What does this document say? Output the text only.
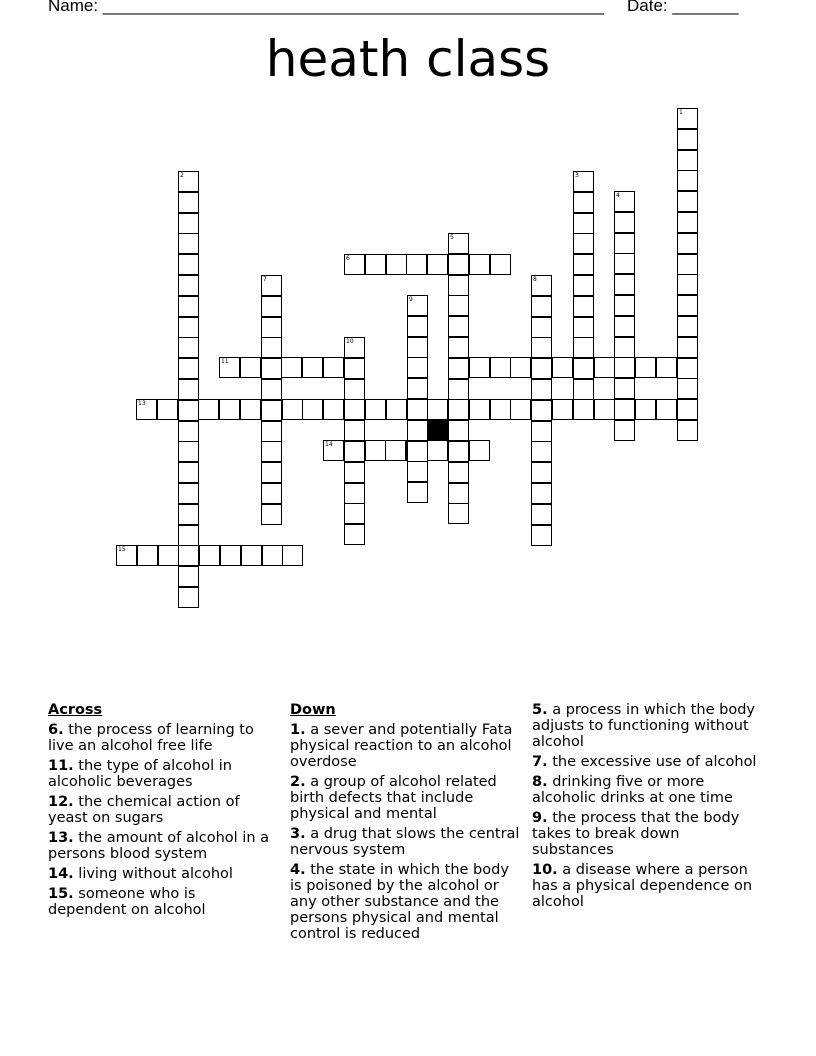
Name: _____________________________________________________ Date: _______
heath class
6
11
13
14
15
1
2	3
4
5
7	8
9
10
Across
6. the process of learning to live an alcohol free life
11. the type of alcohol in alcoholic beverages
12. the chemical action of yeast on sugars
13. the amount of alcohol in a persons blood system
14. living without alcohol
15. someone who is dependent on alcohol
Down
1. a sever and potentially Fata physical reaction to an alcohol overdose
2. a group of alcohol related birth defects that include physical and mental
3. a drug that slows the central nervous system
4. the state in which the body is poisoned by the alcohol or any other substance and the persons physical and mental control is reduced
5. a process in which the body adjusts to functioning without alcohol
7. the excessive use of alcohol
8. drinking five or more alcoholic drinks at one time
9. the process that the body takes to break down substances
10. a disease where a person has a physical dependence on alcohol
